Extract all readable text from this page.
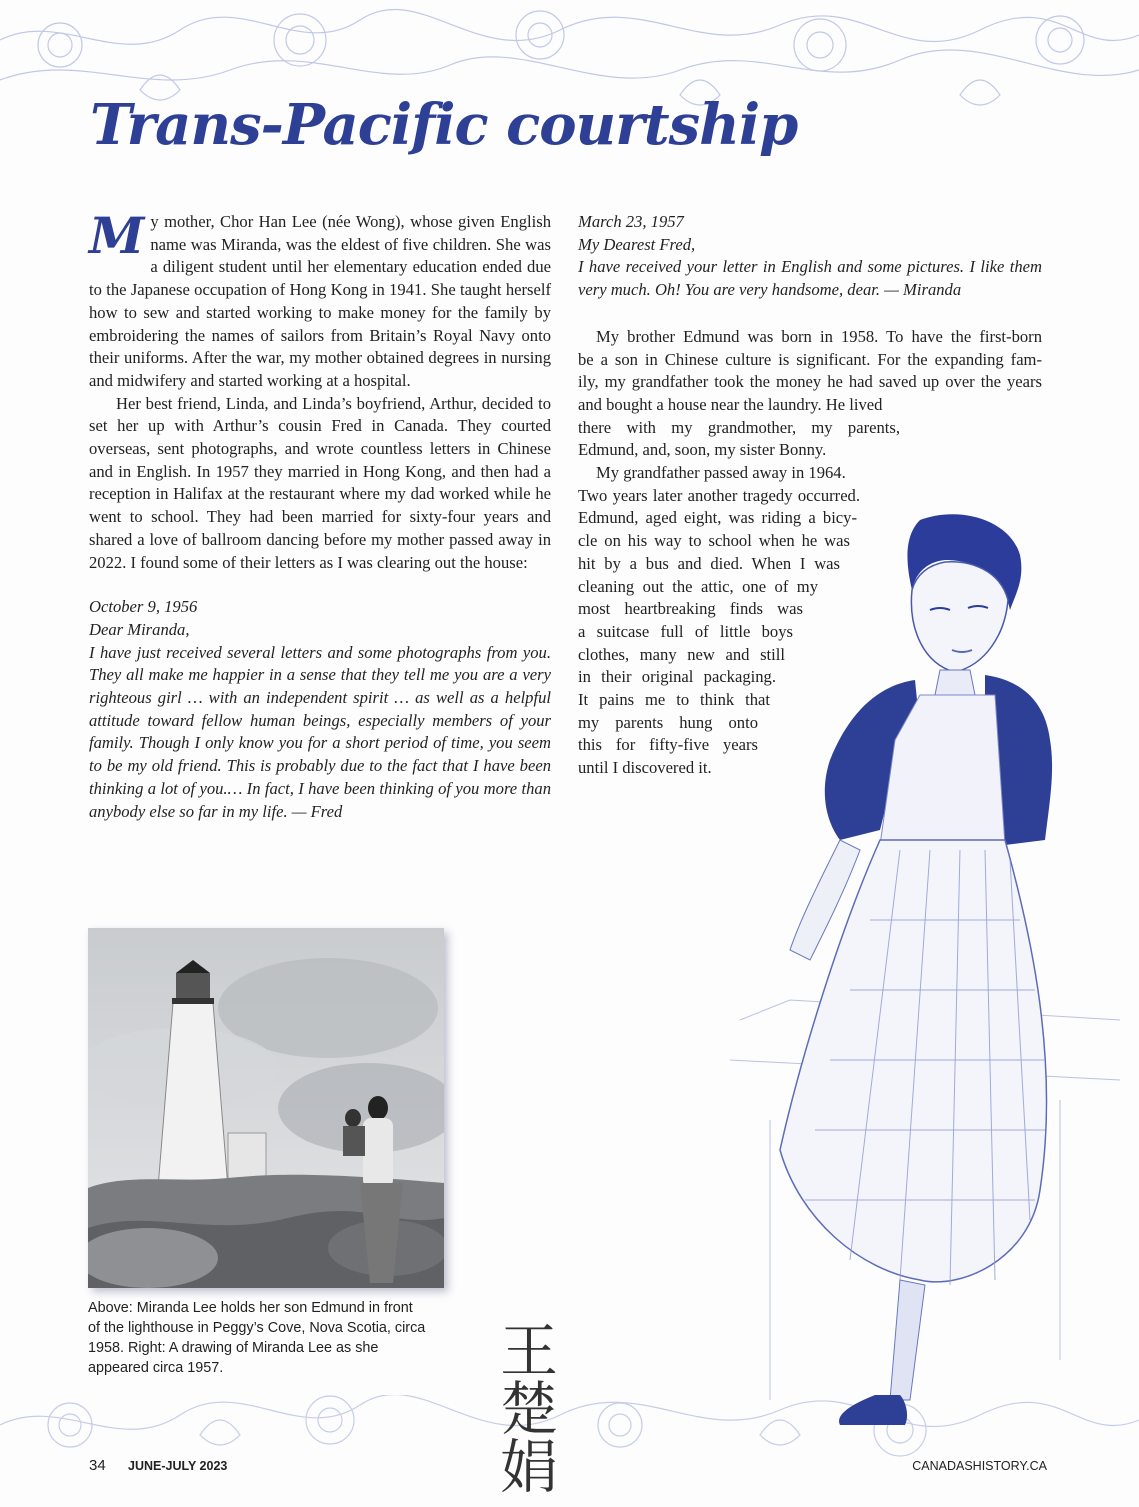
Trans-Pacific courtship

My mother, Chor Han Lee (née Wong), whose given English name was Miranda, was the eldest of five children. She was a diligent student until her elementary education ended due to the Japanese occupation of Hong Kong in 1941. She taught herself how to sew and started working to make money for the family by embroidering the names of sailors from Britain’s Royal Navy onto their uniforms. After the war, my mother obtained degrees in nursing and midwifery and started working at a hospital.

Her best friend, Linda, and Linda’s boyfriend, Arthur, decided to set her up with Arthur’s cousin Fred in Canada. They courted overseas, sent photographs, and wrote countless letters in Chinese and in English. In 1957 they married in Hong Kong, and then had a reception in Halifax at the restaurant where my dad worked while he went to school. They had been married for sixty-four years and shared a love of ballroom dancing before my mother passed away in 2022. I found some of their letters as I was clearing out the house:

October 9, 1956
Dear Miranda,
I have just received several letters and some photographs from you. They all make me happier in a sense that they tell me you are a very righteous girl … with an independent spirit … as well as a helpful attitude toward fellow human beings, especially members of your family. Though I only know you for a short period of time, you seem to be my old friend. This is probably due to the fact that I have been thinking a lot of you.… In fact, I have been thinking of you more than anybody else so far in my life. — Fred

March 23, 1957
My Dearest Fred,
I have received your letter in English and some pictures. I like them very much. Oh! You are very handsome, dear. — Miranda

My brother Edmund was born in 1958. To have the first-born
be a son in Chinese culture is significant. For the expanding fam-
ily, my grandfather took the money he had saved up over the years
and bought a house near the laundry. He lived
there with my grandmother, my parents,
Edmund, and, soon, my sister Bonny.
My grandfather passed away in 1964.
Two years later another tragedy occurred.
Edmund, aged eight, was riding a bicy-
cle on his way to school when he was
hit by a bus and died. When I was
cleaning out the attic, one of my
most heartbreaking finds was
a suitcase full of little boys
clothes, many new and still
in their original packaging.
It pains me to think that
my parents hung onto
this for fifty-five years
until I discovered it.
Above: Miranda Lee holds her son Edmund in front of the lighthouse in Peggy’s Cove, Nova Scotia, circa 1958. Right: A drawing of Miranda Lee as she appeared circa 1957.	王楚娟
34 JUNE-JULY 2023	CANADASHISTORY.CA
